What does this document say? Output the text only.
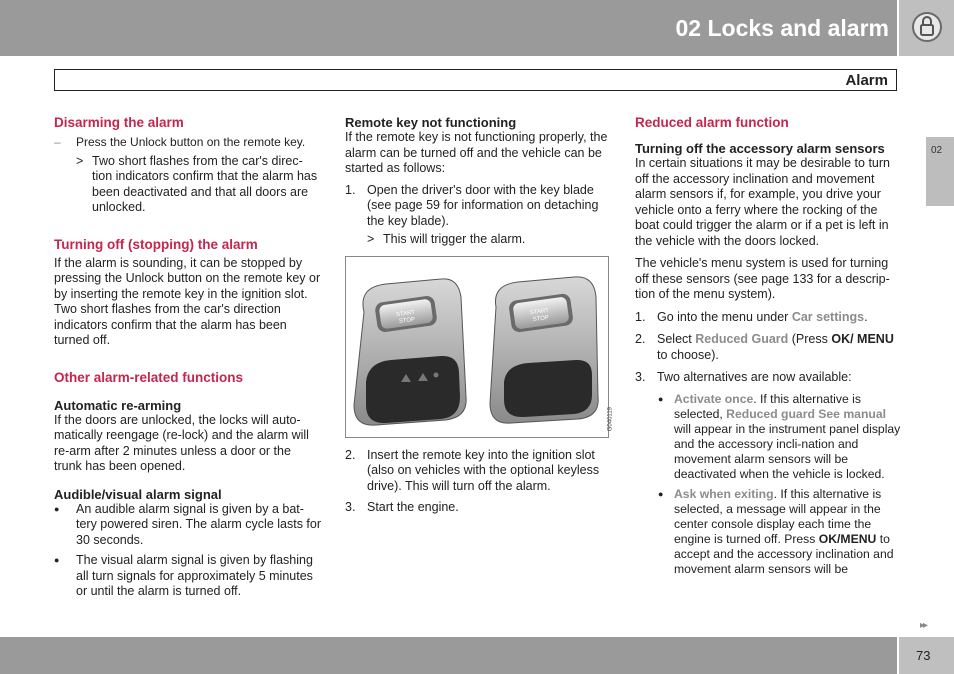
02 Locks and alarm
Alarm
02
Disarming the alarm
– Press the Unlock button on the remote key.
> Two short flashes from the car's direc-tion indicators confirm that the alarm has been deactivated and that all doors are unlocked.
Turning off (stopping) the alarm

If the alarm is sounding, it can be stopped by pressing the Unlock button on the remote key or by inserting the remote key in the ignition slot. Two short flashes from the car's direction indicators confirm that the alarm has been turned off.

Other alarm-related functions
Automatic re-arming

If the doors are unlocked, the locks will auto-matically reengage (re-lock) and the alarm will re-arm after 2 minutes unless a door or the trunk has been opened.

Audible/visual alarm signal
● An audible alarm signal is given by a bat-tery powered siren. The alarm cycle lasts for 30 seconds.
● The visual alarm signal is given by flashing all turn signals for approximately 5 minutes or until the alarm is turned off.
Remote key not functioning

If the remote key is not functioning properly, the alarm can be turned off and the vehicle can be started as follows:

1. Open the driver's door with the key blade (see page 59 for information on detaching the key blade).
> This will trigger the alarm.
START
STOP
START
STOP
G040119
2. Insert the remote key into the ignition slot (also on vehicles with the optional keyless drive). This will turn off the alarm.
3. Start the engine.
Reduced alarm function
Turning off the accessory alarm sensors

In certain situations it may be desirable to turn off the accessory inclination and movement alarm sensors if, for example, you drive your vehicle onto a ferry where the rocking of the boat could trigger the alarm or if a pet is left in the vehicle with the doors locked.

The vehicle's menu system is used for turning off these sensors (see page 133 for a descrip-tion of the menu system).

1. Go into the menu under Car settings.
2. Select Reduced Guard (Press OK/ MENU to choose).
3. Two alternatives are now available:
● Activate once. If this alternative is selected, Reduced guard See manual will appear in the instrument panel display and the accessory incli-nation and movement alarm sensors will be deactivated when the vehicle is locked.
● Ask when exiting. If this alternative is selected, a message will appear in the center console display each time the engine is turned off. Press OK/MENU to accept and the accessory inclination and movement alarm sensors will be
▸▸
73
